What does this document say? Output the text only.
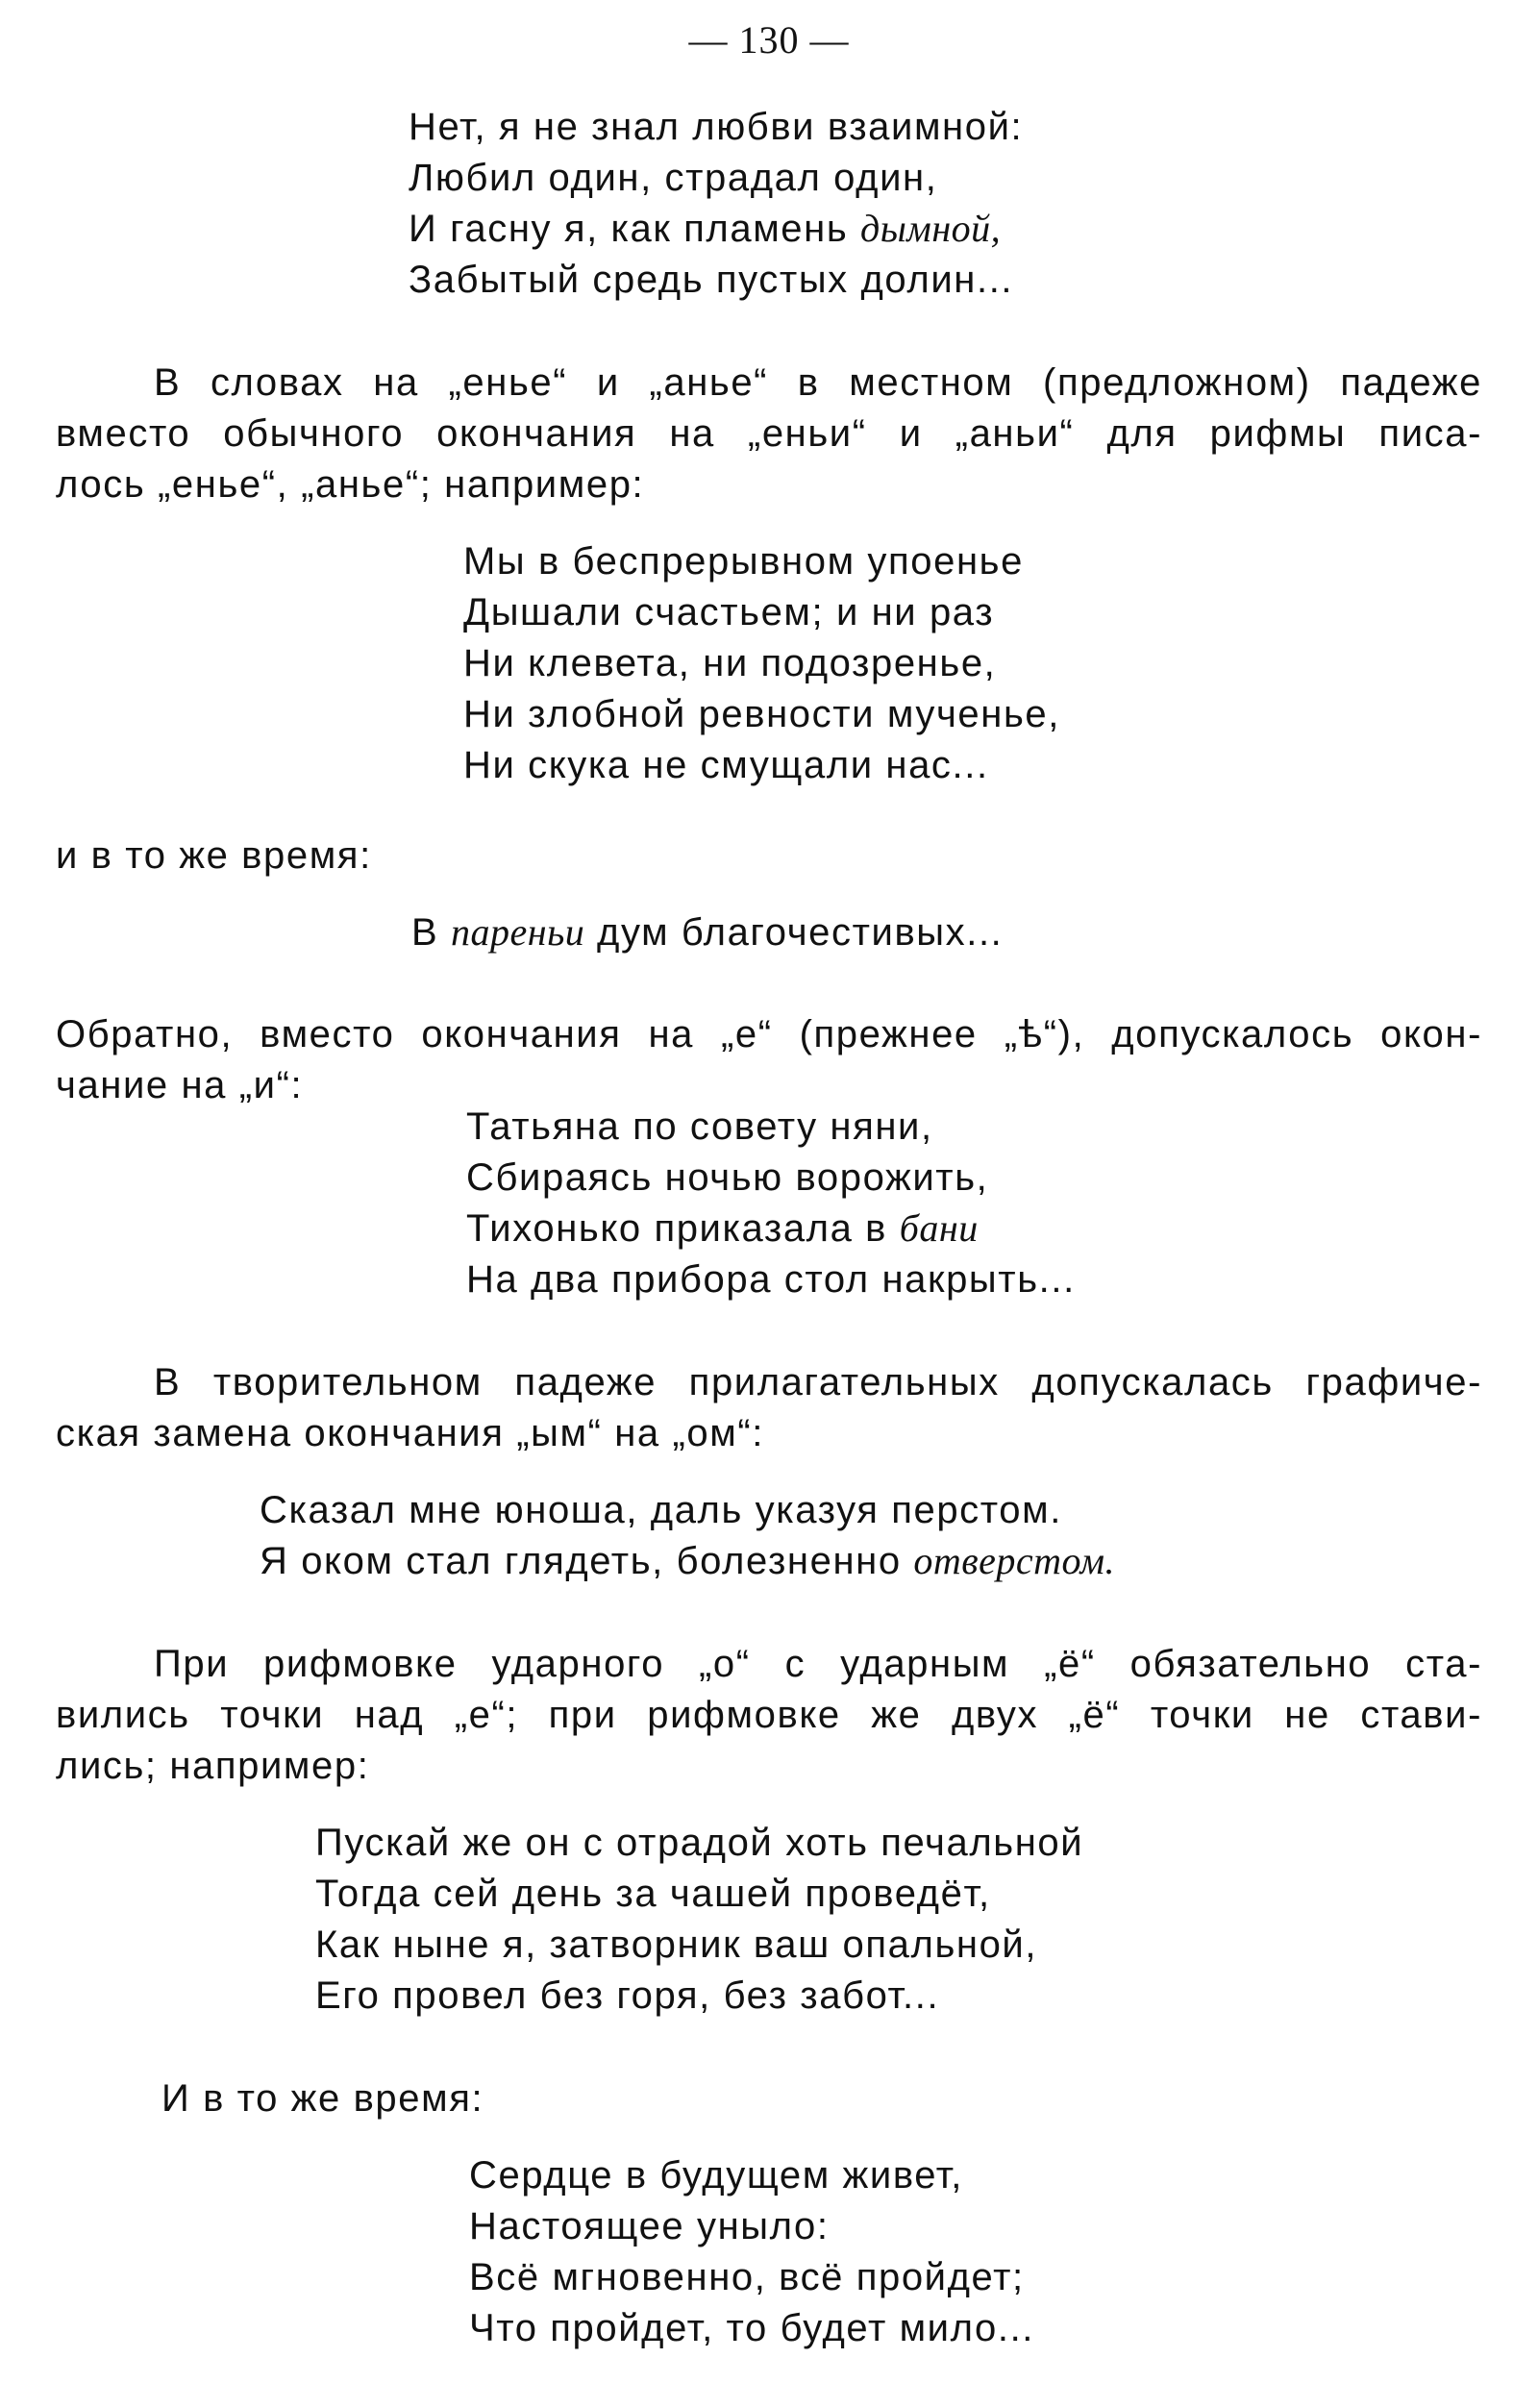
— 130 —
Нет, я не знал любви взаимной:
Любил один, страдал один,
И гасну я, как пламень дымной,
Забытый средь пустых долин...
В словах на „енье“ и „анье“ в местном (предложном) падеже
вместо обычного окончания на „еньи“ и „аньи“ для рифмы писа-
лось „енье“, „анье“; например:
Мы в беспрерывном упоенье
Дышали счастьем; и ни раз
Ни клевета, ни подозренье,
Ни злобной ревности мученье,
Ни скука не смущали нас...
и в то же время:
В пареньи дум благочестивых...
Обратно, вместо окончания на „е“ (прежнее „ѣ“), допускалось окон-
чание на „и“:
Татьяна по совету няни,
Сбираясь ночью ворожить,
Тихонько приказала в бани
На два прибора стол накрыть...
В творительном падеже прилагательных допускалась графиче-
ская замена окончания „ым“ на „ом“:
Сказал мне юноша, даль указуя перстом.
Я оком стал глядеть, болезненно отверстом.
При рифмовке ударного „о“ с ударным „ё“ обязательно ста-
вились точки над „е“; при рифмовке же двух „ё“ точки не стави-
лись; например:
Пускай же он с отрадой хоть печальной
Тогда сей день за чашей проведёт,
Как ныне я, затворник ваш опальной,
Его провел без горя, без забот...
И в то же время:
Сердце в будущем живет,
Настоящее уныло:
Всё мгновенно, всё пройдет;
Что пройдет, то будет мило...
